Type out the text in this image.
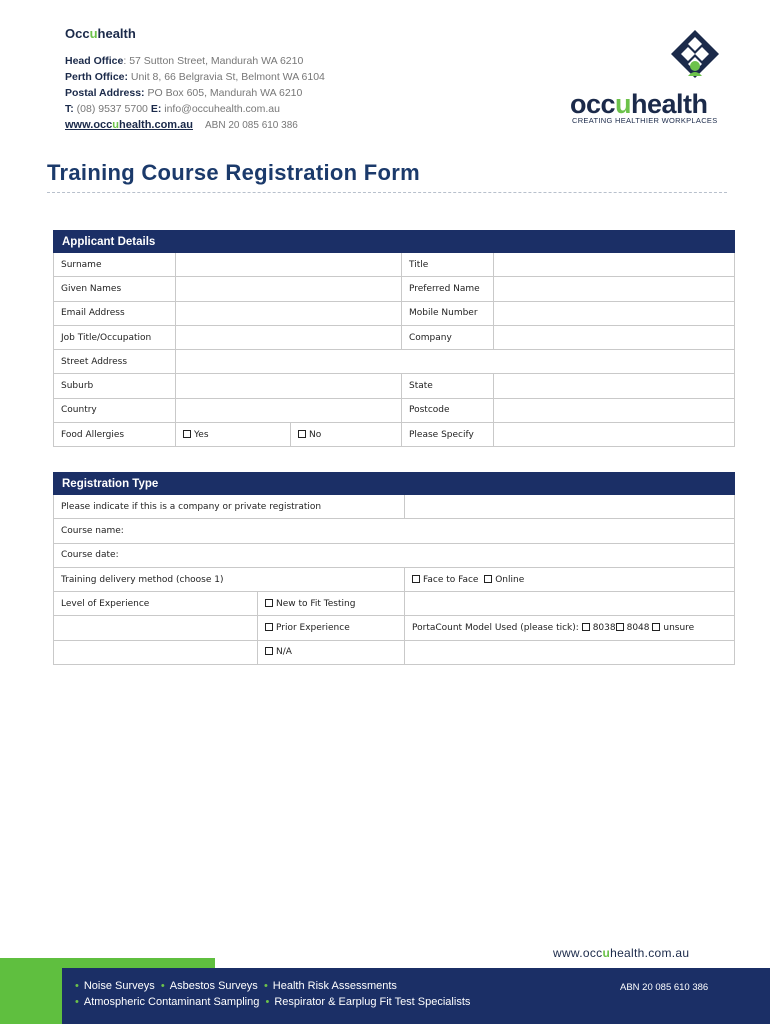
Occuhealth
Head Office: 57 Sutton Street, Mandurah WA 6210
Perth Office: Unit 8, 66 Belgravia St, Belmont WA 6104
Postal Address: PO Box 605, Mandurah WA 6210
T: (08) 9537 5700 E: info@occuhealth.com.au
www.occuhealth.com.au ABN 20 085 610 386
occuhealth
CREATING HEALTHIER WORKPLACES
Training Course Registration Form
Applicant Details				
Surname			Title	
Given Names			Preferred Name	
Email Address			Mobile Number	
Job Title/Occupation			Company	
Street Address				
Suburb			State	
Country			Postcode	
Food Allergies	Yes	No	Please Specify	
Registration Type		
Please indicate if this is a company or private registration		
Course name:		
Course date:		
Training delivery method (choose 1)		Face to Face Online
Level of Experience	New to Fit Testing	
	Prior Experience	PortaCount Model Used (please tick): 8038 8048 unsure
	N/A	
www.occuhealth.com.au
• Noise Surveys • Asbestos Surveys • Health Risk Assessments
• Atmospheric Contaminant Sampling • Respirator & Earplug Fit Test Specialists
ABN 20 085 610 386
